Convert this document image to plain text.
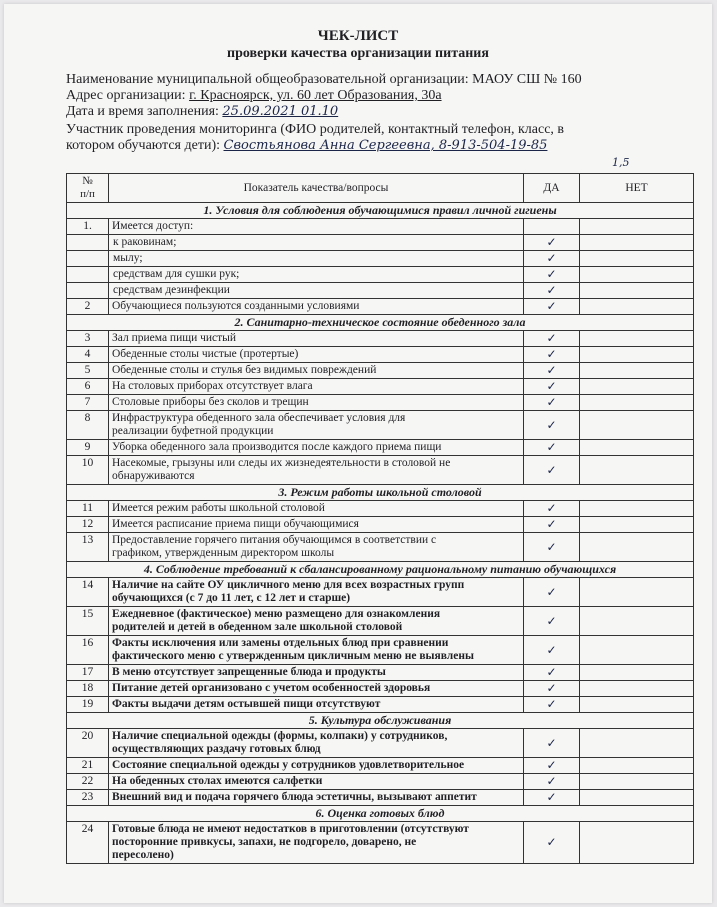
ЧЕК-ЛИСТ
проверки качества организации питания
Наименование муниципальной общеобразовательной организации: МАОУ СШ № 160
Адрес организации: г. Красноярск, ул. 60 лет Образования, 30а
Дата и время заполнения: 25.09.2021 01.10
Участник проведения мониторинга (ФИО родителей, контактный телефон, класс, в
котором обучаются дети): Свостьянова Анна Сергеевна, 8-913-504-19-85
1,5
№
п/п	Показатель качества/вопросы	ДА	НЕТ
1. Условия для соблюдения обучающимися правил личной гигиены			
1.	Имеется доступ:		

	к раковинам;	✓	

	мылу;	✓	

	средствам для сушки рук;	✓	

	средствам дезинфекции	✓	
2	Обучающиеся пользуются созданными условиями	✓	
2. Санитарно-техническое состояние обеденного зала			
3	Зал приема пищи чистый	✓	
4	Обеденные столы чистые (протертые)	✓	
5	Обеденные столы и стулья без видимых повреждений	✓	
6	На столовых приборах отсутствует влага	✓	
7	Столовые приборы без сколов и трещин	✓	
8	Инфраструктура обеденного зала обеспечивает условия для
реализации буфетной продукции	✓	
9	Уборка обеденного зала производится после каждого приема пищи	✓	
10	Насекомые, грызуны или следы их жизнедеятельности в столовой не
обнаруживаются	✓	
3. Режим работы школьной столовой			
11	Имеется режим работы школьной столовой	✓	
12	Имеется расписание приема пищи обучающимися	✓	
13	Предоставление горячего питания обучающимся в соответствии с
графиком, утвержденным директором школы	✓	
4. Соблюдение требований к сбалансированному рациональному питанию обучающихся			
14	Наличие на сайте ОУ цикличного меню для всех возрастных групп
обучающихся (с 7 до 11 лет, с 12 лет и старше)	✓	
15	Ежедневное (фактическое) меню размещено для ознакомления
родителей и детей в обеденном зале школьной столовой	✓	
16	Факты исключения или замены отдельных блюд при сравнении
фактического меню с утвержденным цикличным меню не выявлены	✓	
17	В меню отсутствует запрещенные блюда и продукты	✓	
18	Питание детей организовано с учетом особенностей здоровья	✓	
19	Факты выдачи детям остывшей пищи отсутствуют	✓	
5. Культура обслуживания			
20	Наличие специальной одежды (формы, колпаки) у сотрудников,
осуществляющих раздачу готовых блюд	✓	
21	Состояние специальной одежды у сотрудников удовлетворительное	✓	
22	На обеденных столах имеются салфетки	✓	
23	Внешний вид и подача горячего блюда эстетичны, вызывают аппетит	✓	
6. Оценка готовых блюд			
24	Готовые блюда не имеют недостатков в приготовлении (отсутствуют
посторонние привкусы, запахи, не подгорело, доварено, не
пересолено)	✓	
